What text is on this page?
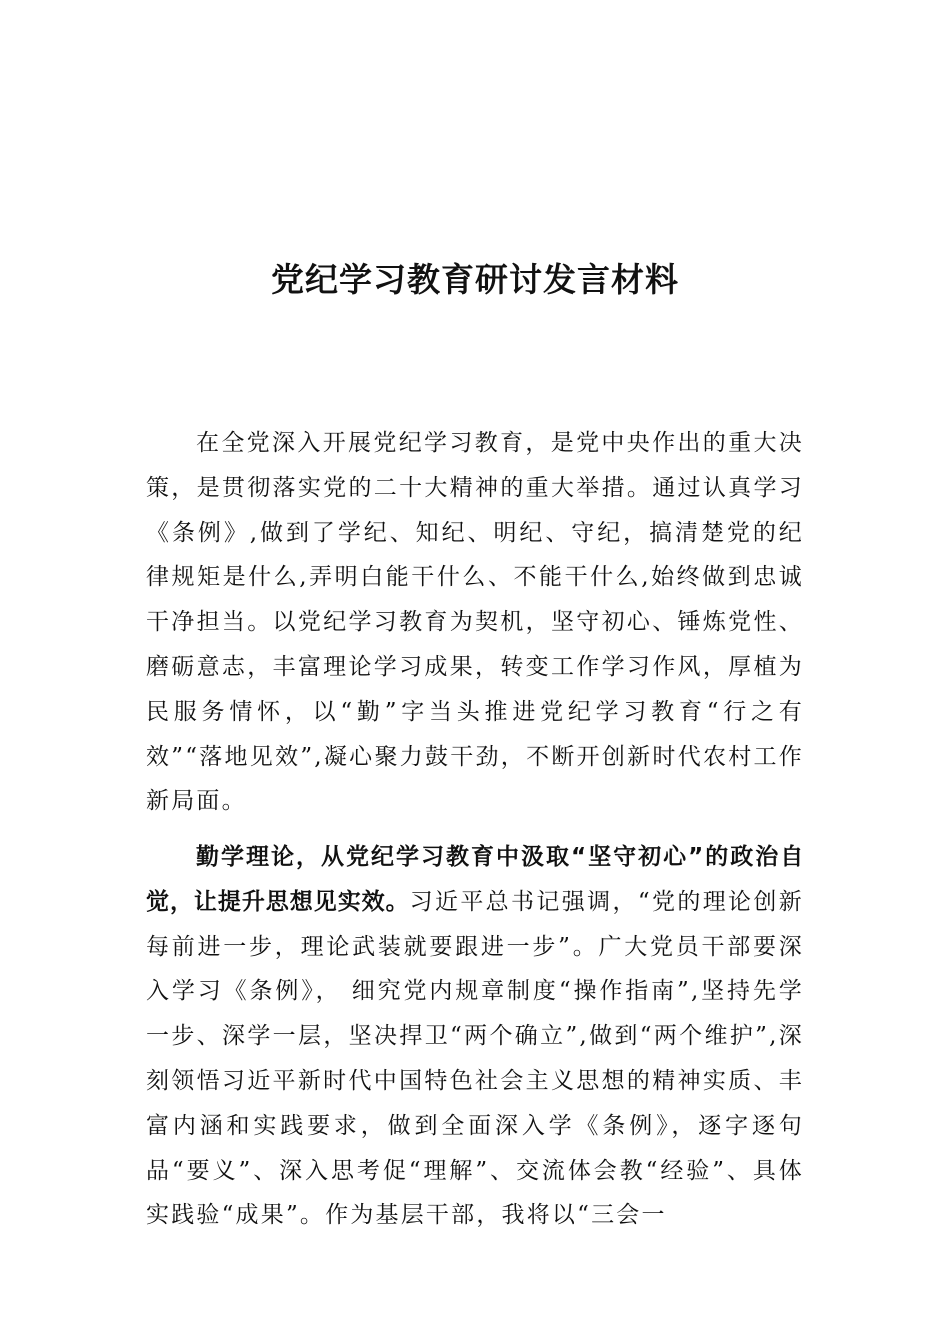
党纪学习教育研讨发言材料

在全党深入开展党纪学习教育，是党中央作出的重大决策，是贯彻落实党的二十大精神的重大举措。通过认真学习《条例》,做到了学纪、知纪、明纪、守纪，搞清楚党的纪律规矩是什么,弄明白能干什么、不能干什么,始终做到忠诚干净担当。以党纪学习教育为契机，坚守初心、锤炼党性、磨砺意志，丰富理论学习成果，转变工作学习作风，厚植为民服务情怀，以“勤”字当头推进党纪学习教育“行之有效”“落地见效”,凝心聚力鼓干劲，不断开创新时代农村工作新局面。

勤学理论，从党纪学习教育中汲取“坚守初心”的政治自觉，让提升思想见实效。习近平总书记强调，“党的理论创新每前进一步，理论武装就要跟进一步”。广大党员干部要深入学习《条例》， 细究党内规章制度“操作指南”,坚持先学一步、深学一层，坚决捍卫“两个确立”,做到“两个维护”,深刻领悟习近平新时代中国特色社会主义思想的精神实质、丰富内涵和实践要求，做到全面深入学《条例》，逐字逐句品“要义”、深入思考促“理解”、交流体会教“经验”、具体实践验“成果”。作为基层干部，我将以“三会一
